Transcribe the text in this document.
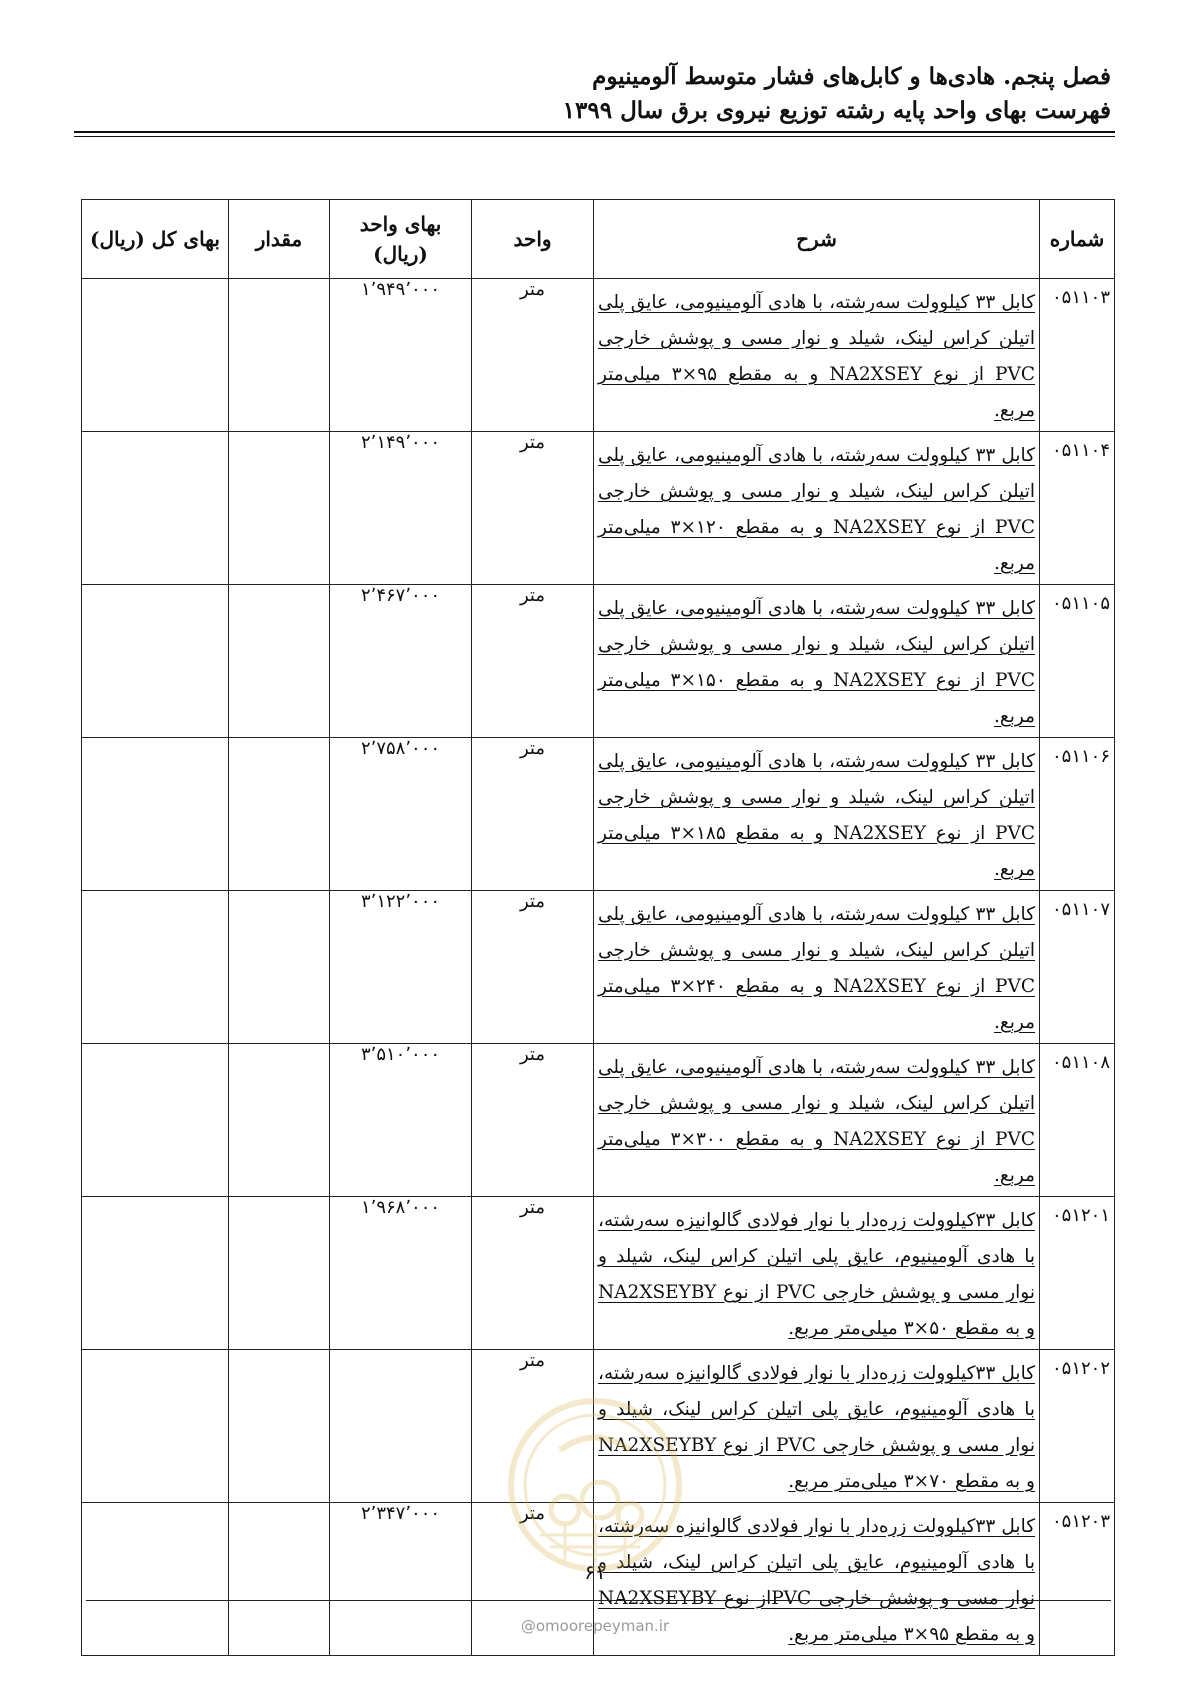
فصل پنجم. هادی‌ها و کابل‌های فشار متوسط آلومینیوم
فهرست بهای واحد پایه رشته توزیع نیروی برق سال ۱۳۹۹
شماره	شرح	واحد	بهای واحد (ریال)	مقدار	بهای کل (ریال)
۰۵۱۱۰۳	کابل ۳۳ کیلوولت سه‌رشته، با هادی آلومینیومی، عایق پلی اتیلن کراس لینک، شیلد و نوار مسی و پوشش خارجی PVC از نوع NA2XSEY و به مقطع ۹۵×۳ میلی‌متر مربع.	متر	۱٬۹۴۹٬۰۰۰		

۰۵۱۱۰۴	کابل ۳۳ کیلوولت سه‌رشته، با هادی آلومینیومی، عایق پلی اتیلن کراس لینک، شیلد و نوار مسی و پوشش خارجی PVC از نوع NA2XSEY و به مقطع ۱۲۰×۳ میلی‌متر مربع.	متر	۲٬۱۴۹٬۰۰۰		

۰۵۱۱۰۵	کابل ۳۳ کیلوولت سه‌رشته، با هادی آلومینیومی، عایق پلی اتیلن کراس لینک، شیلد و نوار مسی و پوشش خارجی PVC از نوع NA2XSEY و به مقطع ۱۵۰×۳ میلی‌متر مربع.	متر	۲٬۴۶۷٬۰۰۰		

۰۵۱۱۰۶	کابل ۳۳ کیلوولت سه‌رشته، با هادی آلومینیومی، عایق پلی اتیلن کراس لینک، شیلد و نوار مسی و پوشش خارجی PVC از نوع NA2XSEY و به مقطع ۱۸۵×۳ میلی‌متر مربع.	متر	۲٬۷۵۸٬۰۰۰		

۰۵۱۱۰۷	کابل ۳۳ کیلوولت سه‌رشته، با هادی آلومینیومی، عایق پلی اتیلن کراس لینک، شیلد و نوار مسی و پوشش خارجی PVC از نوع NA2XSEY و به مقطع ۲۴۰×۳ میلی‌متر مربع.	متر	۳٬۱۲۲٬۰۰۰		

۰۵۱۱۰۸	کابل ۳۳ کیلوولت سه‌رشته، با هادی آلومینیومی، عایق پلی اتیلن کراس لینک، شیلد و نوار مسی و پوشش خارجی PVC از نوع NA2XSEY و به مقطع ۳۰۰×۳ میلی‌متر مربع.	متر	۳٬۵۱۰٬۰۰۰		

۰۵۱۲۰۱	کابل ۳۳کیلوولت زره‌دار با نوار فولادی گالوانیزه سه‌رشته، با هادی آلومینیوم، عایق پلی اتیلن کراس لینک، شیلد و نوار مسی و پوشش خارجی PVC از نوع NA2XSEYBY و به مقطع ۵۰×۳ میلی‌متر مربع.	متر	۱٬۹۶۸٬۰۰۰		

۰۵۱۲۰۲	کابل ۳۳کیلوولت زره‌دار با نوار فولادی گالوانیزه سه‌رشته، با هادی آلومینیوم، عایق پلی اتیلن کراس لینک، شیلد و نوار مسی و پوشش خارجی PVC از نوع NA2XSEYBY و به مقطع ۷۰×۳ میلی‌متر مربع.	متر			

۰۵۱۲۰۳	کابل ۳۳کیلوولت زره‌دار با نوار فولادی گالوانیزه سه‌رشته، با هادی آلومینیوم، عایق پلی اتیلن کراس لینک، شیلد و نوار مسی و پوشش خارجی PVCاز نوع NA2XSEYBY و به مقطع ۹۵×۳ میلی‌متر مربع.	متر	۲٬۳۴۷٬۰۰۰		

۶۱
@omoorepeyman.ir
